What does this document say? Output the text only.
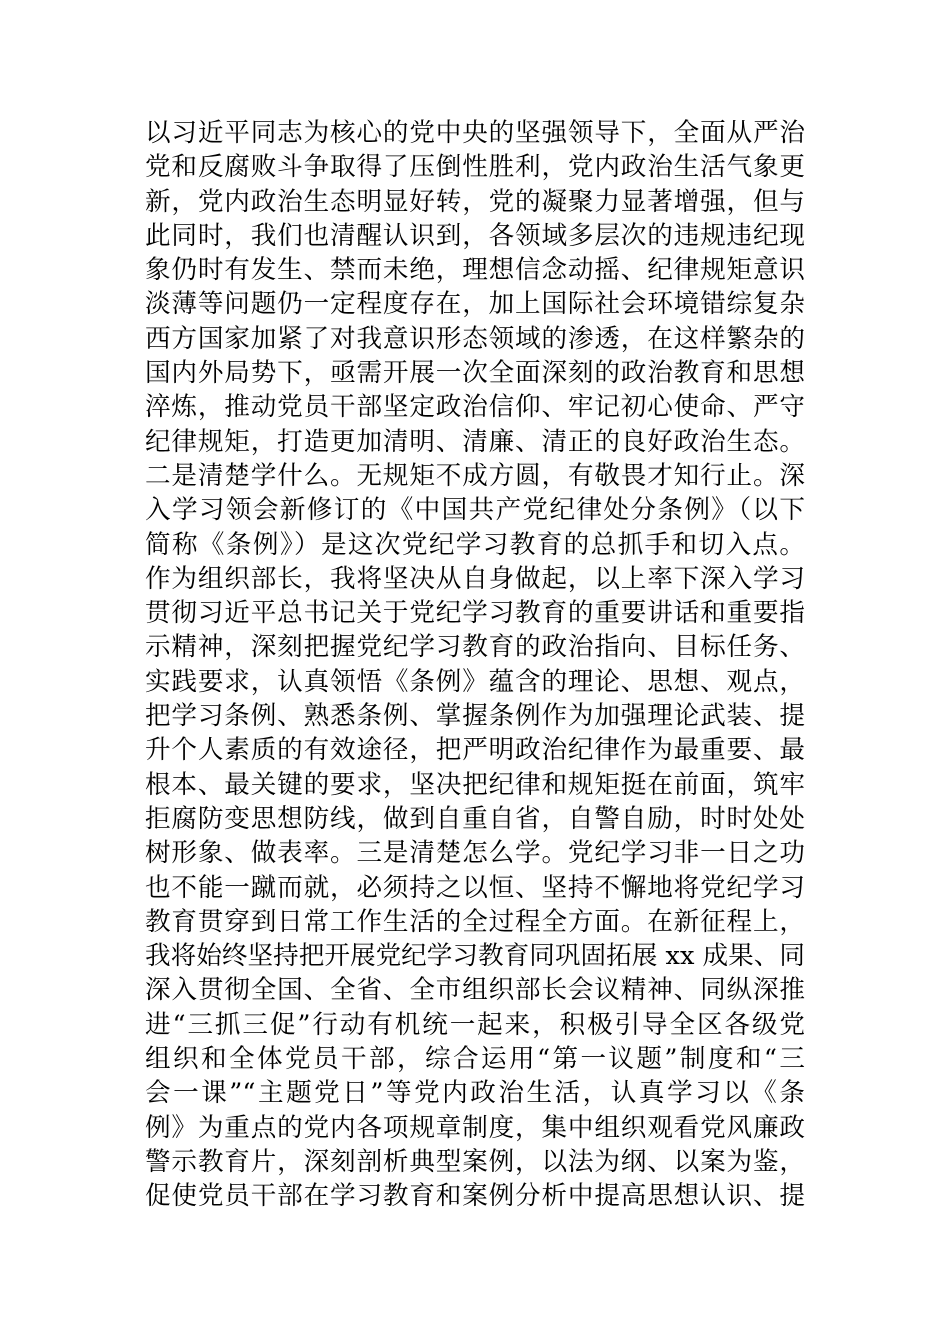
以习近平同志为核心的党中央的坚强领导下，全面从严治
党和反腐败斗争取得了压倒性胜利，党内政治生活气象更
新，党内政治生态明显好转，党的凝聚力显著增强，但与
此同时，我们也清醒认识到，各领域多层次的违规违纪现
象仍时有发生、禁而未绝，理想信念动摇、纪律规矩意识
淡薄等问题仍一定程度存在，加上国际社会环境错综复杂
西方国家加紧了对我意识形态领域的渗透，在这样繁杂的
国内外局势下，亟需开展一次全面深刻的政治教育和思想
淬炼，推动党员干部坚定政治信仰、牢记初心使命、严守
纪律规矩，打造更加清明、清廉、清正的良好政治生态。
二是清楚学什么。无规矩不成方圆，有敬畏才知行止。深
入学习领会新修订的《中国共产党纪律处分条例》（以下
简称《条例》）是这次党纪学习教育的总抓手和切入点。
作为组织部长，我将坚决从自身做起，以上率下深入学习
贯彻习近平总书记关于党纪学习教育的重要讲话和重要指
示精神，深刻把握党纪学习教育的政治指向、目标任务、
实践要求，认真领悟《条例》蕴含的理论、思想、观点，
把学习条例、熟悉条例、掌握条例作为加强理论武装、提
升个人素质的有效途径，把严明政治纪律作为最重要、最
根本、最关键的要求，坚决把纪律和规矩挺在前面，筑牢
拒腐防变思想防线，做到自重自省，自警自励，时时处处
树形象、做表率。三是清楚怎么学。党纪学习非一日之功
也不能一蹴而就，必须持之以恒、坚持不懈地将党纪学习
教育贯穿到日常工作生活的全过程全方面。在新征程上，
我将始终坚持把开展党纪学习教育同巩固拓展 xx 成果、同
深入贯彻全国、全省、全市组织部长会议精神、同纵深推
进“三抓三促”行动有机统一起来，积极引导全区各级党
组织和全体党员干部，综合运用“第一议题”制度和“三
会一课”“主题党日”等党内政治生活，认真学习以《条
例》为重点的党内各项规章制度，集中组织观看党风廉政
警示教育片，深刻剖析典型案例，以法为纲、以案为鉴，
促使党员干部在学习教育和案例分析中提高思想认识、提
